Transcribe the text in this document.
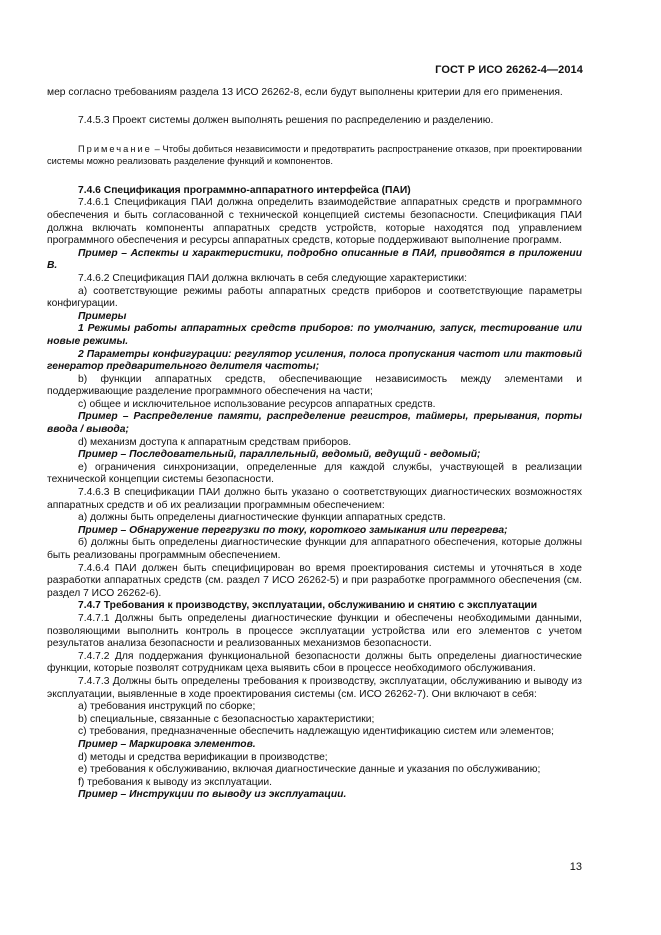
ГОСТ Р ИСО 26262-4—2014

мер согласно требованиям раздела 13 ИСО 26262-8, если будут выполнены критерии для его применения.

7.4.5.3 Проект системы должен выполнять решения по распределению и разделению.

Примечание – Чтобы добиться независимости и предотвратить распространение отказов, при проектировании системы можно реализовать разделение функций и компонентов.

7.4.6 Спецификация программно-аппаратного интерфейса (ПАИ)

7.4.6.1 Спецификация ПАИ должна определить взаимодействие аппаратных средств и программного обеспечения и быть согласованной с технической концепцией системы безопасности. Спецификация ПАИ должна включать компоненты аппаратных средств устройств, которые находятся под управлением программного обеспечения и ресурсы аппаратных средств, которые поддерживают выполнение программ.

Пример – Аспекты и характеристики, подробно описанные в ПАИ, приводятся в приложении В.

7.4.6.2 Спецификация ПАИ должна включать в себя следующие характеристики:

a) соответствующие режимы работы аппаратных средств приборов и соответствующие параметры конфигурации.

Примеры

1 Режимы работы аппаратных средств приборов: по умолчанию, запуск, тестирование или новые режимы.

2 Параметры конфигурации: регулятор усиления, полоса пропускания частот или тактовый генератор предварительного делителя частоты;

b) функции аппаратных средств, обеспечивающие независимость между элементами и поддерживающие разделение программного обеспечения на части;

c) общее и исключительное использование ресурсов аппаратных средств.

Пример – Распределение памяти, распределение регистров, таймеры, прерывания, порты ввода / вывода;

d) механизм доступа к аппаратным средствам приборов.

Пример – Последовательный, параллельный, ведомый, ведущий - ведомый;

e) ограничения синхронизации, определенные для каждой службы, участвующей в реализации технической концепции системы безопасности.

7.4.6.3 В спецификации ПАИ должно быть указано о соответствующих диагностических возможностях аппаратных средств и об их реализации программным обеспечением:

а) должны быть определены диагностические функции аппаратных средств.

Пример – Обнаружение перегрузки по току, короткого замыкания или перегрева;

б) должны быть определены диагностические функции для аппаратного обеспечения, которые должны быть реализованы программным обеспечением.

7.4.6.4 ПАИ должен быть специфицирован во время проектирования системы и уточняться в ходе разработки аппаратных средств (см. раздел 7 ИСО 26262-5) и при разработке программного обеспечения (см. раздел 7 ИСО 26262-6).

7.4.7 Требования к производству, эксплуатации, обслуживанию и снятию с эксплуатации

7.4.7.1 Должны быть определены диагностические функции и обеспечены необходимыми данными, позволяющими выполнить контроль в процессе эксплуатации устройства или его элементов с учетом результатов анализа безопасности и реализованных механизмов безопасности.

7.4.7.2 Для поддержания функциональной безопасности должны быть определены диагностические функции, которые позволят сотрудникам цеха выявить сбои в процессе необходимого обслуживания.

7.4.7.3 Должны быть определены требования к производству, эксплуатации, обслуживанию и выводу из эксплуатации, выявленные в ходе проектирования системы (см. ИСО 26262-7). Они включают в себя:

a) требования инструкций по сборке;

b) специальные, связанные с безопасностью характеристики;

c) требования, предназначенные обеспечить надлежащую идентификацию систем или элементов;

Пример – Маркировка элементов.

d) методы и средства верификации в производстве;

e) требования к обслуживанию, включая диагностические данные и указания по обслуживанию;

f) требования к выводу из эксплуатации.

Пример – Инструкции по выводу из эксплуатации.

13
